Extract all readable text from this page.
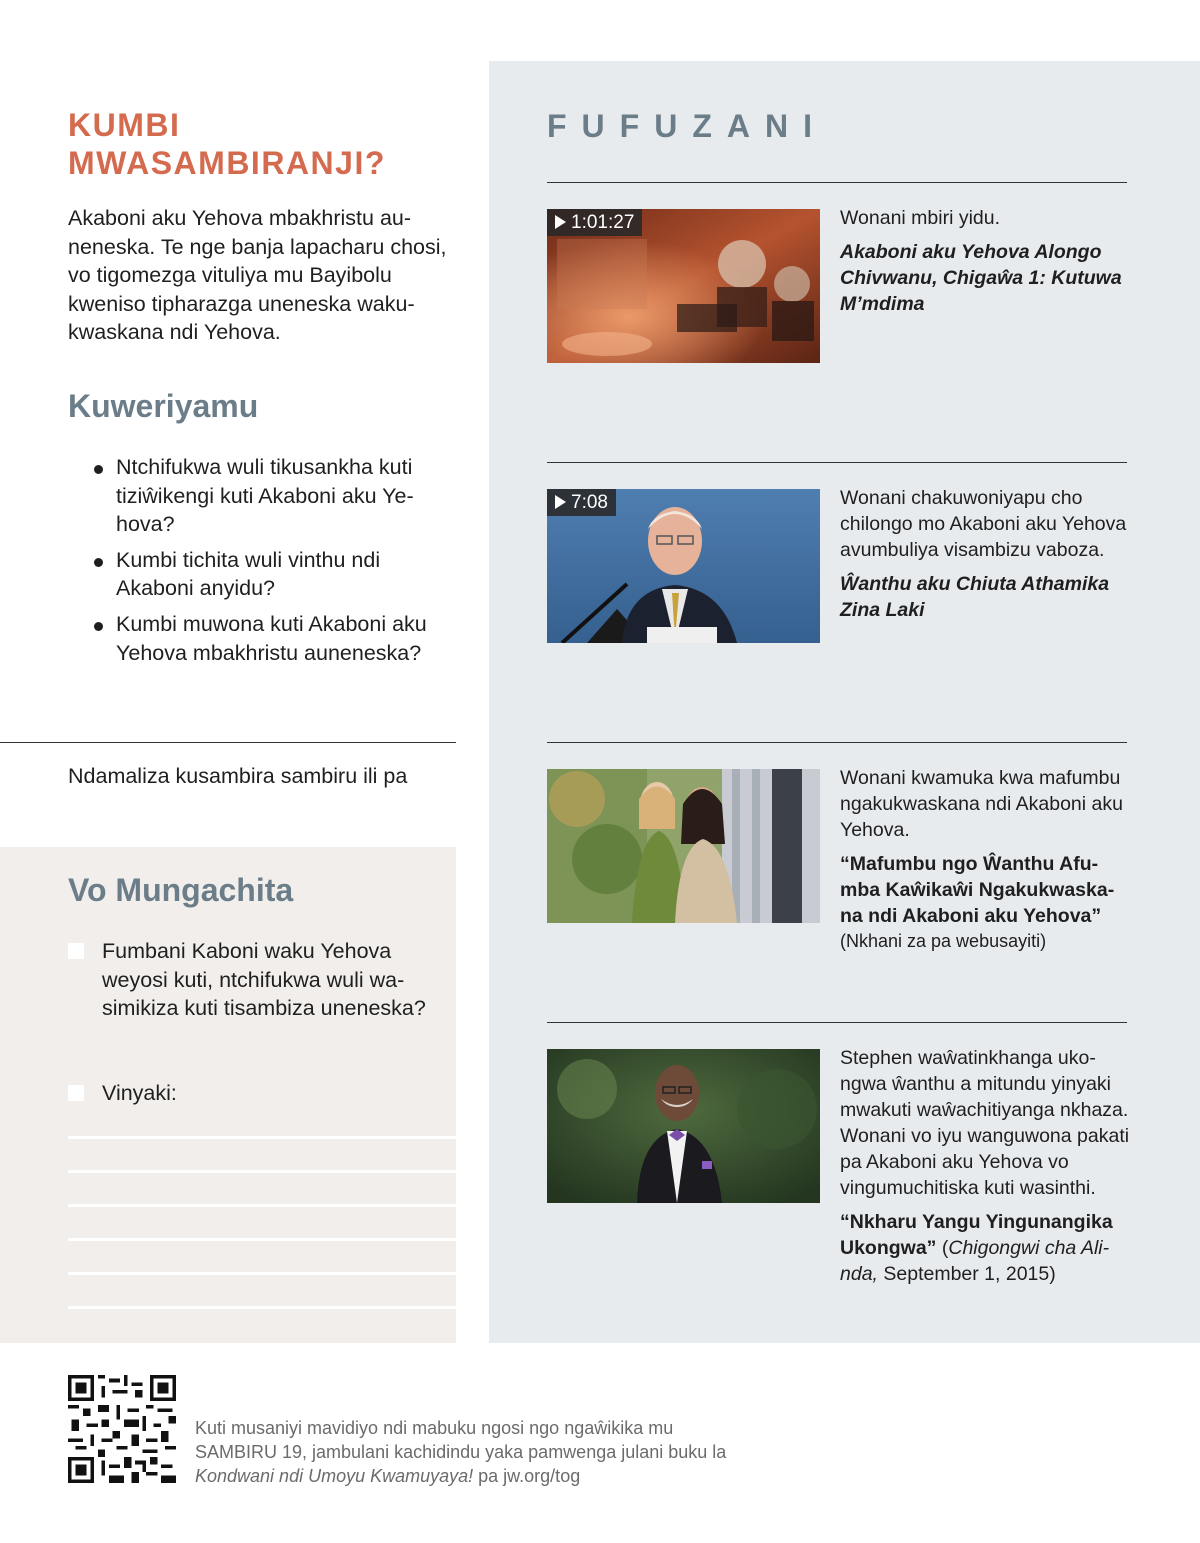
KUMBI
MWASAMBIRANJI?

Akaboni aku Yehova mbakhristu auneneska. Te nge banja lapacharu chosi, vo tigomezga vituliya mu Bayibolu kweniso tipharazga uneneska wakukwaskana ndi Yehova.

Kuweriyamu
Ntchifukwa wuli tikusankha kuti tiziŵikengi kuti Akaboni aku Yehova?
Kumbi tichita wuli vinthu ndi Akaboni anyidu?
Kumbi muwona kuti Akaboni aku Yehova mbakhristu auneneska?

Ndamaliza kusambira sambiru ili pa

Vo Mungachita
Fumbani Kaboni waku Yehova weyosi kuti, ntchifukwa wuli wasimikiza kuti tisambiza uneneska?
Vinyaki:
FUFUZANI
1:01:27	Wonani mbiri yidu.

Akaboni aku Yehova Alongo Chivwanu, Chigaŵa 1: Kutuwa M’mdima

7:08	Wonani chakuwoniyapu cho chilongo mo Akaboni aku Yehova avumbuliya visambizu vaboza.

Ŵanthu aku Chiuta Athamika Zina Laki

Wonani kwamuka kwa mafumbu ngakukwaskana ndi Akaboni aku Yehova.

“Mafumbu ngo Ŵanthu Afumba Kaŵikaŵi Ngakukwaskana ndi Akaboni aku Yehova”

(Nkhani za pa webusayiti)

Stephen waŵatinkhanga ukongwa ŵanthu a mitundu yinyaki mwakuti waŵachitiyanga nkhaza. Wonani vo iyu wanguwona pakati pa Akaboni aku Yehova vo vingumuchitiska kuti wasinthi.

“Nkharu Yangu Yingunangika Ukongwa” (Chigongwi cha Alinda, September 1, 2015)

Kuti musaniyi mavidiyo ndi mabuku ngosi ngo ngaŵikika mu SAMBIRU 19, jambulani kachidindu yaka pamwenga julani buku la Kondwani ndi Umoyu Kwamuyaya! pa jw.org/tog
